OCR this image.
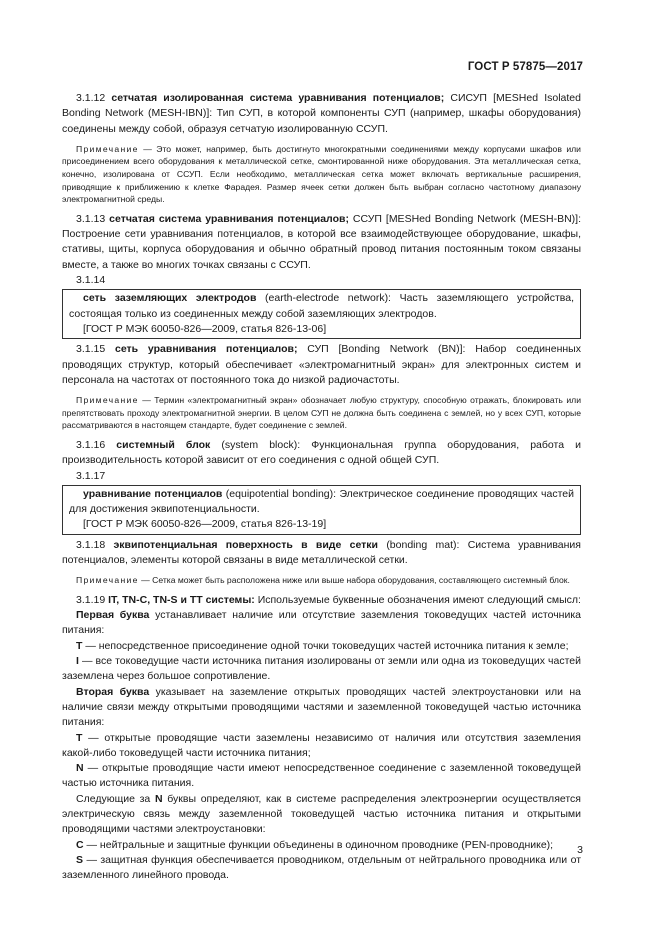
ГОСТ Р 57875—2017

3.1.12 сетчатая изолированная система уравнивания потенциалов; СИСУП [MESHed Isolated Bonding Network (MESH-IBN)]: Тип СУП, в которой компоненты СУП (например, шкафы оборудования) соединены между собой, образуя сетчатую изолированную ССУП.

Примечание — Это может, например, быть достигнуто многократными соединениями между корпусами шкафов или присоединением всего оборудования к металлической сетке, смонтированной ниже оборудования. Эта металлическая сетка, конечно, изолирована от ССУП. Если необходимо, металлическая сетка может включать вертикальные расширения, приводящие к приближению к клетке Фарадея. Размер ячеек сетки должен быть выбран согласно частотному диапазону электромагнитной среды.

3.1.13 сетчатая система уравнивания потенциалов; ССУП [MESHed Bonding Network (MESH-BN)]: Построение сети уравнивания потенциалов, в которой все взаимодействующее оборудование, шкафы, стативы, щиты, корпуса оборудования и обычно обратный провод питания постоянным током связаны вместе, а также во многих точках связаны с ССУП.

3.1.14

сеть заземляющих электродов (earth-electrode network): Часть заземляющего устройства, состоящая только из соединенных между собой заземляющих электродов.

[ГОСТ Р МЭК 60050-826—2009, статья 826-13-06]

3.1.15 сеть уравнивания потенциалов; СУП [Bonding Network (BN)]: Набор соединенных проводящих структур, который обеспечивает «электромагнитный экран» для электронных систем и персонала на частотах от постоянного тока до низкой радиочастоты.

Примечание — Термин «электромагнитный экран» обозначает любую структуру, способную отражать, блокировать или препятствовать проходу электромагнитной энергии. В целом СУП не должна быть соединена с землей, но у всех СУП, которые рассматриваются в настоящем стандарте, будет соединение с землей.

3.1.16 системный блок (system block): Функциональная группа оборудования, работа и производительность которой зависит от его соединения с одной общей СУП.

3.1.17

уравнивание потенциалов (equipotential bonding): Электрическое соединение проводящих частей для достижения эквипотенциальности.

[ГОСТ Р МЭК 60050-826—2009, статья 826-13-19]

3.1.18 эквипотенциальная поверхность в виде сетки (bonding mat): Система уравнивания потенциалов, элементы которой связаны в виде металлической сетки.

Примечание — Сетка может быть расположена ниже или выше набора оборудования, составляющего системный блок.

3.1.19 IT, TN-C, TN-S и TT системы: Используемые буквенные обозначения имеют следующий смысл:

Первая буква устанавливает наличие или отсутствие заземления токоведущих частей источника питания:

Т — непосредственное присоединение одной точки токоведущих частей источника питания к земле;

I — все токоведущие части источника питания изолированы от земли или одна из токоведущих частей заземлена через большое сопротивление.

Вторая буква указывает на заземление открытых проводящих частей электроустановки или на наличие связи между открытыми проводящими частями и заземленной токоведущей частью источника питания:

Т — открытые проводящие части заземлены независимо от наличия или отсутствия заземления какой-либо токоведущей части источника питания;

N — открытые проводящие части имеют непосредственное соединение с заземленной токоведущей частью источника питания.

Следующие за N буквы определяют, как в системе распределения электроэнергии осуществляется электрическую связь между заземленной токоведущей частью источника питания и открытыми проводящими частями электроустановки:

С — нейтральные и защитные функции объединены в одиночном проводнике (PEN-проводнике);

S — защитная функция обеспечивается проводником, отдельным от нейтрального проводника или от заземленного линейного провода.

3
